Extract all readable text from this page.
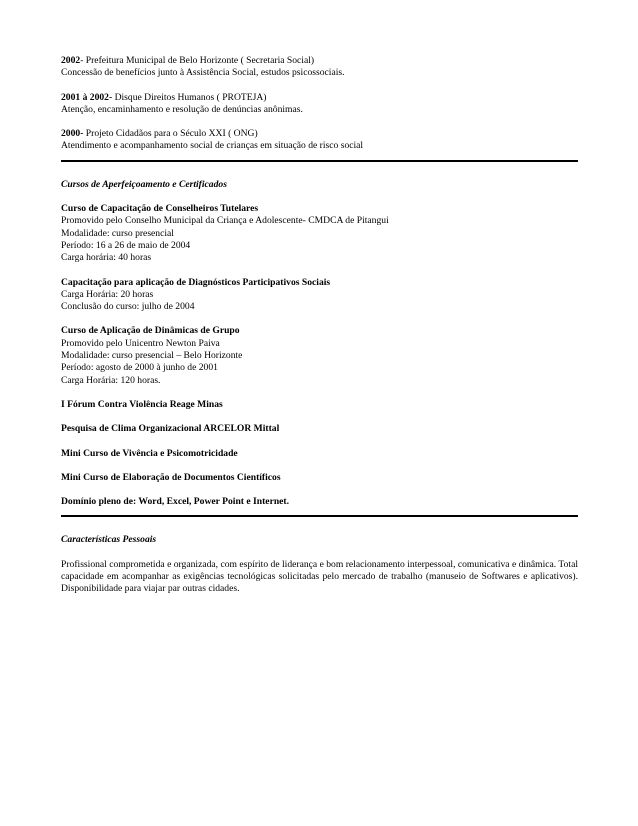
2002- Prefeitura Municipal de Belo Horizonte ( Secretaria Social)

Concessão de benefícios junto à Assistência Social, estudos psicossociais.

2001 à 2002- Disque Direitos Humanos ( PROTEJA)

Atenção, encaminhamento e resolução de denúncias anônimas.

2000- Projeto Cidadãos para o Século XXI ( ONG)

Atendimento e acompanhamento social de crianças em situação de risco social

Cursos de Aperfeiçoamento e Certificados

Curso de Capacitação de Conselheiros Tutelares

Promovido pelo Conselho Municipal da Criança e Adolescente- CMDCA de Pitangui

Modalidade: curso presencial

Período: 16 a 26 de maio de 2004

Carga horária: 40 horas

Capacitação para aplicação de Diagnósticos Participativos Sociais

Carga Horária: 20 horas

Conclusão do curso: julho de 2004

Curso de Aplicação de Dinâmicas de Grupo

Promovido pelo Unicentro Newton Paiva

Modalidade: curso presencial – Belo Horizonte

Período: agosto de 2000 à junho de 2001

Carga Horária: 120 horas.

I Fórum Contra Violência Reage Minas

Pesquisa de Clima Organizacional ARCELOR Mittal

Mini Curso de Vivência e Psicomotricidade

Mini Curso de Elaboração de Documentos Científicos

Domínio pleno de: Word, Excel, Power Point e Internet.

Características Pessoais

Profissional comprometida e organizada, com espírito de liderança e bom relacionamento interpessoal, comunicativa e dinâmica. Total capacidade em acompanhar as exigências tecnológicas solicitadas pelo mercado de trabalho (manuseio de Softwares e aplicativos). Disponibilidade para viajar par outras cidades.
